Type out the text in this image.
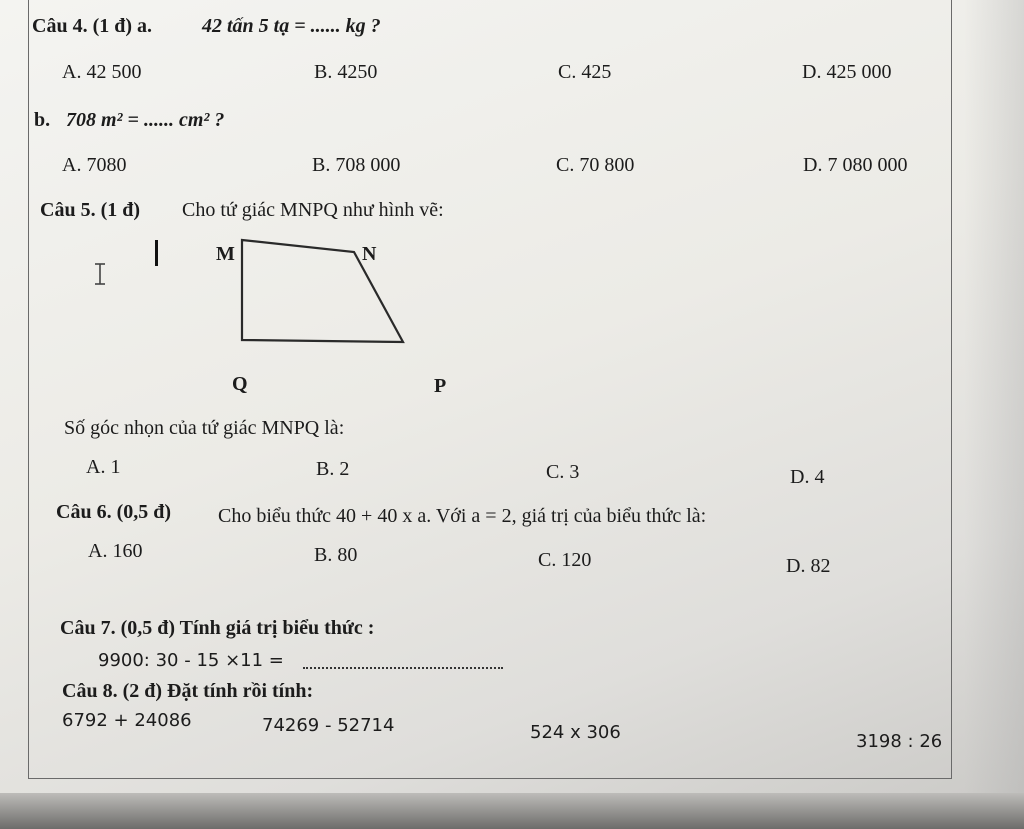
Câu 4. (1 đ) a. 42 tấn 5 tạ = ...... kg ?
A. 42 500	B. 4250	C. 425	D. 425 000
b. 708 m² = ...... cm² ?
A. 7080	B. 708 000	C. 70 800	D. 7 080 000
Câu 5. (1 đ) Cho tứ giác MNPQ như hình vẽ:
M	N
Q	P
Số góc nhọn của tứ giác MNPQ là:
A. 1	B. 2	C. 3	D. 4
Câu 6. (0,5 đ) Cho biểu thức 40 + 40 x a. Với a = 2, giá trị của biểu thức là:
A. 160	B. 80	C. 120	D. 82
Câu 7. (0,5 đ) Tính giá trị biểu thức :
9900: 30 - 15 ×11 =
Câu 8. (2 đ) Đặt tính rồi tính:
6792 + 24086	74269 - 52714	524 x 306	3198 : 26
